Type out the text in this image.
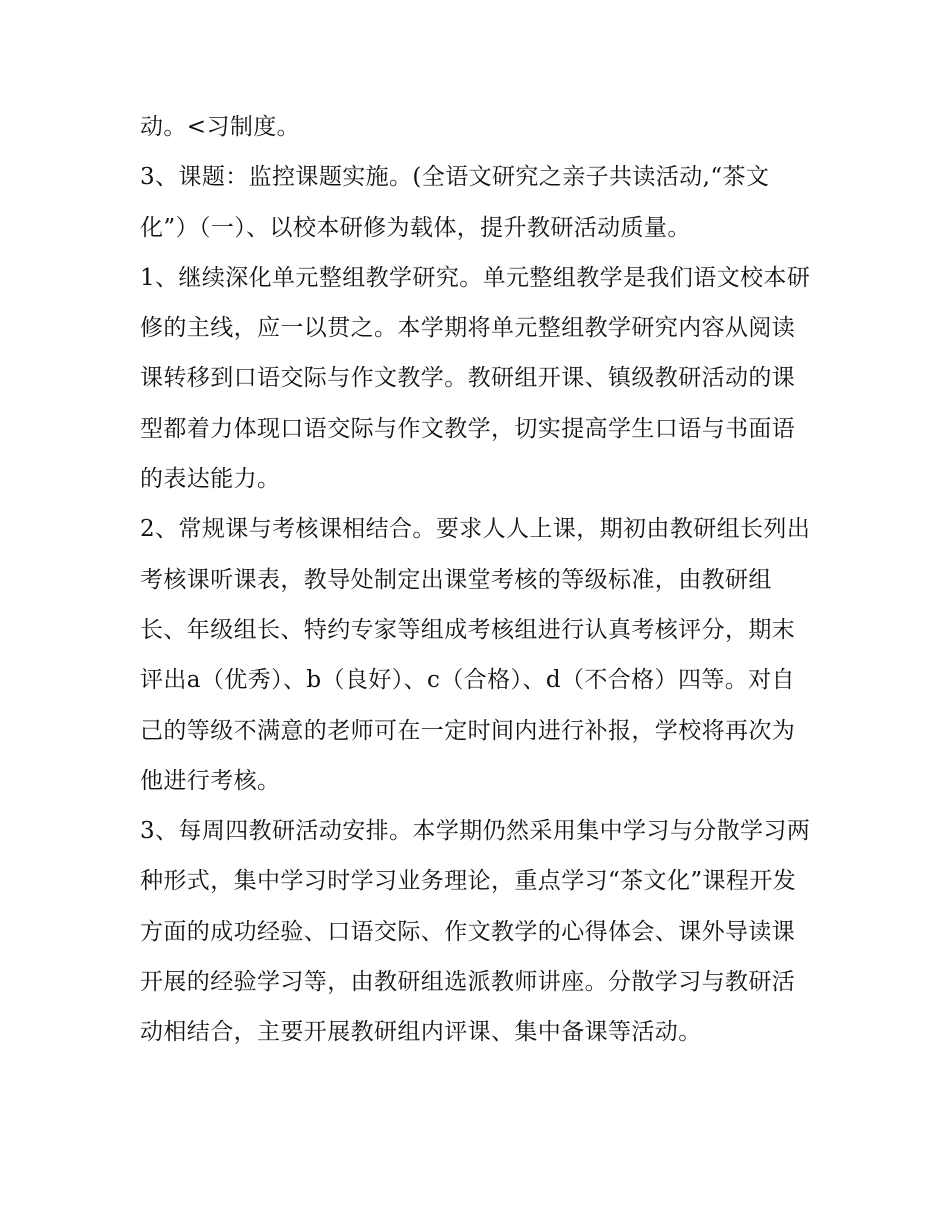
动。<习制度。

3、课题：监控课题实施。(全语文研究之亲子共读活动,“茶文化”）（一）、以校本研修为载体，提升教研活动质量。

1、继续深化单元整组教学研究。单元整组教学是我们语文校本研修的主线，应一以贯之。本学期将单元整组教学研究内容从阅读课转移到口语交际与作文教学。教研组开课、镇级教研活动的课型都着力体现口语交际与作文教学，切实提高学生口语与书面语的表达能力。

2、常规课与考核课相结合。要求人人上课，期初由教研组长列出考核课听课表，教导处制定出课堂考核的等级标准，由教研组长、年级组长、特约专家等组成考核组进行认真考核评分，期末评出a（优秀）、b（良好）、c（合格）、d（不合格）四等。对自己的等级不满意的老师可在一定时间内进行补报，学校将再次为他进行考核。

3、每周四教研活动安排。本学期仍然采用集中学习与分散学习两种形式，集中学习时学习业务理论，重点学习“茶文化”课程开发方面的成功经验、口语交际、作文教学的心得体会、课外导读课开展的经验学习等，由教研组选派教师讲座。分散学习与教研活动相结合，主要开展教研组内评课、集中备课等活动。
